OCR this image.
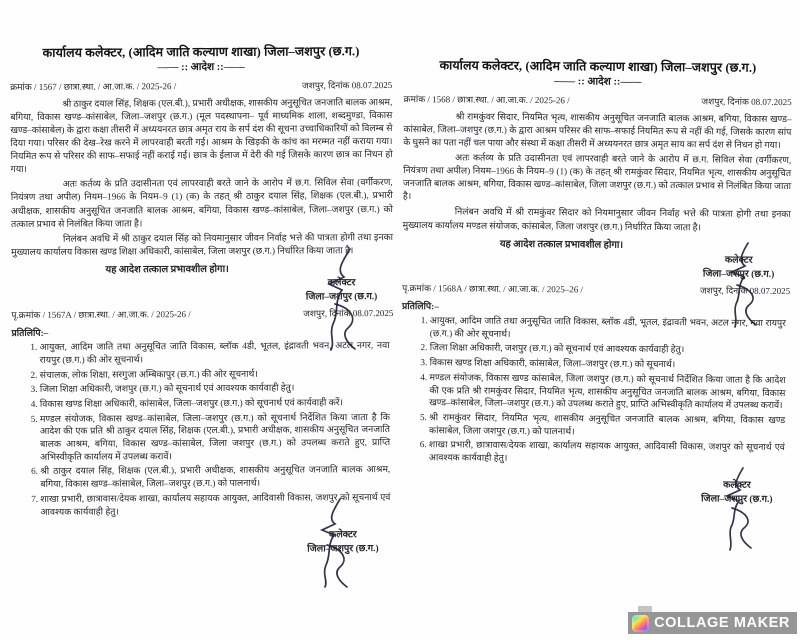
कार्यालय कलेक्टर, (आदिम जाति कल्याण शाखा) जिला–जशपुर (छ.ग.)
—— :: आदेश ::——
क्रमांक / 1567 / छात्रा.स्था. / आ.जा.क. / 2025-26 /	जशपुर, दिनांक 08.07.2025

श्री ठाकुर दयाल सिंह, शिक्षक (एल.बी.), प्रभारी अधीक्षक, शासकीय अनुसूचित जनजाति बालक आश्रम, बगिया, विकास खण्ड–कांसाबेल, जिला–जशपुर (छ.ग.) (मूल पदस्थापना– पूर्व माध्यमिक शाला, शब्दमुण्डा, विकास खण्ड–कांसाबेल) के द्वारा कक्षा तीसरी में अध्ययनरत छात्र अमृत राय के सर्प दंश की सूचना उच्चाधिकारियों को विलम्ब से दिया गया। परिसर की देख–रेख करने में लापरवाही बरती गई। आश्रम के खिड़की के कांच का मरम्मत नहीं कराया गया। नियमित रूप से परिसर की साफ–सफाई नहीं कराई गई। छात्र के ईलाज में देरी की गई जिसके कारण छात्र का निधन हो गया।

अतः कर्तव्य के प्रति उदासीनता एवं लापरवाही बरते जाने के आरोप में छ.ग. सिविल सेवा (वर्गीकरण, नियंत्रण तथा अपील) नियम–1966 के नियम–9 (1) (क) के तहत् श्री ठाकुर दयाल सिंह, शिक्षक (एल.बी.), प्रभारी अधीक्षक, शासकीय अनुसूचित जनजाति बालक आश्रम, बगिया, विकास खण्ड–कांसाबेल, जिला–जशपुर (छ.ग.) को तत्काल प्रभाव से निलंबित किया जाता है।

निलंबन अवधि में श्री ठाकुर दयाल सिंह को नियमानुसार जीवन निर्वाह भत्ते की पात्रता होगी तथा इनका मुख्यालय कार्यालय विकास खण्ड शिक्षा अधिकारी, कांसाबेल, जिला जशपुर (छ.ग.) निर्धारित किया जाता है।

यह आदेश तत्काल प्रभावशील होगा।
कलेक्टर
जिला–जशपुर (छ.ग.)
पृ.क्रमांक / 1567A / छात्रा.स्था. / आ.जा.क. / 2025-26 /	जशपुर, दिनांक 08.07.2025
प्रतिलिपि:–
1. आयुक्त, आदिम जाति तथा अनुसूचित जाति विकास, ब्लॉक 4डी, भूतल, इंद्रावती भवन, अटल नगर, नवा रायपुर (छ.ग.) की ओर सूचनार्थ।
2. संचालक, लोक शिक्षा, सरगुजा अम्बिकापुर (छ.ग.) की ओर सूचनार्थ।
3. जिला शिक्षा अधिकारी, जशपुर (छ.ग.) को सूचनार्थ एवं आवश्यक कार्यवाही हेतु।
4. विकास खण्ड शिक्षा अधिकारी, कांसाबेल, जिला–जशपुर (छ.ग.) को सूचनार्थ एवं कार्यवाही करें।
5. मण्डल संयोजक, विकास खण्ड–कांसाबेल, जिला–जशपुर (छ.ग.) को सूचनार्थ निर्देशित किया जाता है कि आदेश की एक प्रति श्री ठाकुर दयाल सिंह, शिक्षक (एल.बी.), प्रभारी अधीक्षक, शासकीय अनुसूचित जनजाति बालक आश्रम, बगिया, विकास खण्ड–कांसाबेल, जिला जशपुर (छ.ग.) को उपलब्ध कराते हुए, प्राप्ति अभिस्वीकृति कार्यालय में उपलब्ध करावें।
6. श्री ठाकुर दयाल सिंह, शिक्षक (एल.बी.), प्रभारी अधीक्षक, शासकीय अनुसूचित जनजाति बालक आश्रम, बगिया, विकास खण्ड–कांसाबेल, जिला–जशपुर (छ.ग.) को पालनार्थ।
7. शाखा प्रभारी, छात्रावास/देयक शाखा, कार्यालय सहायक आयुक्त, आदिवासी विकास, जशपुर को सूचनार्थ एवं आवश्यक कार्यवाही हेतु।
कलेक्टर
जिला–जशपुर (छ.ग.)
कार्यालय कलेक्टर, (आदिम जाति कल्याण शाखा) जिला–जशपुर (छ.ग.)
—— :: आदेश ::——
क्रमांक / 1568 / छात्रा.स्था. / आ.जा.क. / 2025-26 /	जशपुर, दिनांक 08.07.2025

श्री रामकुंवर सिदार, नियमित भृत्य, शासकीय अनुसूचित जनजाति बालक आश्रम, बगिया, विकास खण्ड–कांसाबेल, जिला–जशपुर (छ.ग.) के द्वारा आश्रम परिसर की साफ–सफाई नियमित रूप से नहीं की गई, जिसके कारण सांप के घुसने का पता नहीं चल पाया और संस्था में कक्षा तीसरी में अध्ययनरत छात्र अमृत साय का सर्प दंश से निधन हो गया।

अतः कर्तव्य के प्रति उदासीनता एवं लापरवाही बरते जाने के आरोप में छ.ग. सिविल सेवा (वर्गीकरण, नियंत्रण तथा अपील) नियम–1966 के नियम–9 (1) (क) के तहत् श्री रामकुंवर सिदार, नियमित भृत्य, शासकीय अनुसूचित जनजाति बालक आश्रम, बगिया, विकास खण्ड–कांसाबेल, जिला जशपुर (छ.ग.) को तत्काल प्रभाव से निलंबित किया जाता है।

निलंबन अवधि में श्री रामकुंवर सिदार को नियमानुसार जीवन निर्वाह भत्ते की पात्रता होगी तथा इनका मुख्यालय कार्यालय मण्डल संयोजक, कांसाबेल, जिला जशपुर (छ.ग.) निर्धारित किया जाता है।

यह आदेश तत्काल प्रभावशील होगा।
कलेक्टर
जिला–जशपुर (छ.ग.)
पृ.क्रमांक / 1568A / छात्रा.स्था. / आ.जा.क. / 2025–26 /	जशपुर, दिनांक 08.07.2025
प्रतिलिपि:–
1. आयुक्त, आदिम जाति तथा अनुसूचित जाति विकास, ब्लॉक 4डी, भूतल, इंद्रावती भवन, अटल नगर, नवा रायपुर (छ.ग.) की ओर सूचनार्थ।
2. जिला शिक्षा अधिकारी, जशपुर (छ.ग.) को सूचनार्थ एवं आवश्यक कार्यवाही हेतु।
3. विकास खण्ड शिक्षा अधिकारी, कांसाबेल, जिला–जशपुर (छ.ग.) को सूचनार्थ।
4. मण्डल संयोजक, विकास खण्ड कांसाबेल, जिला जशपुर (छ.ग.) को सूचनार्थ निर्देशित किया जाता है कि आदेश की एक प्रति श्री रामकुंवर सिदार, नियमित भृत्य, शासकीय अनुसूचित जनजाति बालक आश्रम, बगिया, विकास खण्ड–कांसाबेल, जिला–जशपुर (छ.ग.) को उपलब्ध कराते हुए, प्राप्ति अभिस्वीकृति कार्यालय में उपलब्ध करावें।
5. श्री रामकुंवर सिदार, नियमित भृत्य, शासकीय अनुसूचित जनजाति बालक आश्रम, बगिया, विकास खण्ड कांसाबेल, जिला जशपुर (छ.ग.) को पालनार्थ।
6. शाखा प्रभारी, छात्रावास/देयक शाखा, कार्यालय सहायक आयुक्त, आदिवासी विकास, जशपुर को सूचनार्थ एवं आवश्यक कार्यवाही हेतु।
कलेक्टर
जिला–जशपुर (छ.ग.)
COLLAGE MAKER
